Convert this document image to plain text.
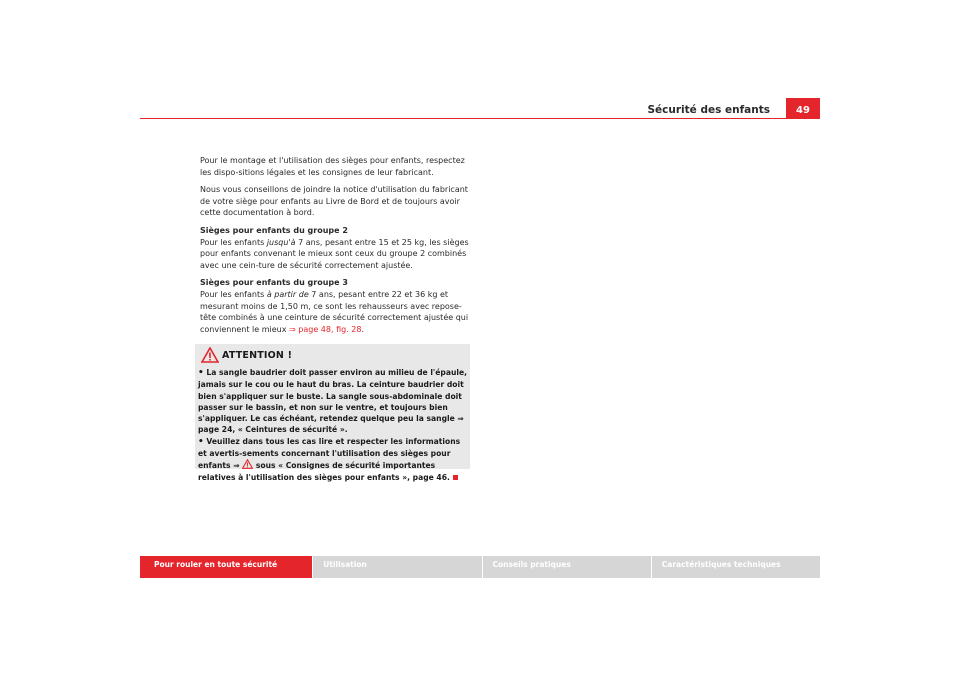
Sécurité des enfants	49

Pour le montage et l'utilisation des sièges pour enfants, respectez les dispo-sitions légales et les consignes de leur fabricant.

Nous vous conseillons de joindre la notice d'utilisation du fabricant de votre siège pour enfants au Livre de Bord et de toujours avoir cette documentation à bord.

Sièges pour enfants du groupe 2

Pour les enfants jusqu'à 7 ans, pesant entre 15 et 25 kg, les sièges pour enfants convenant le mieux sont ceux du groupe 2 combinés avec une cein-ture de sécurité correctement ajustée.

Sièges pour enfants du groupe 3

Pour les enfants à partir de 7 ans, pesant entre 22 et 36 kg et mesurant moins de 1,50 m, ce sont les rehausseurs avec repose-tête combinés à une ceinture de sécurité correctement ajustée qui conviennent le mieux ⇒ page 48, fig. 28.

ATTENTION !

• La sangle baudrier doit passer environ au milieu de l'épaule, jamais sur le cou ou le haut du bras. La ceinture baudrier doit bien s'appliquer sur le buste. La sangle sous-abdominale doit passer sur le bassin, et non sur le ventre, et toujours bien s'appliquer. Le cas échéant, retendez quelque peu la sangle ⇒ page 24, « Ceintures de sécurité ».

• Veuillez dans tous les cas lire et respecter les informations et avertis-sements concernant l'utilisation des sièges pour enfants ⇒  sous « Consignes de sécurité importantes relatives à l'utilisation des sièges pour enfants », page 46.

Pour rouler en toute sécurité	Utilisation	Conseils pratiques	Caractéristiques techniques
